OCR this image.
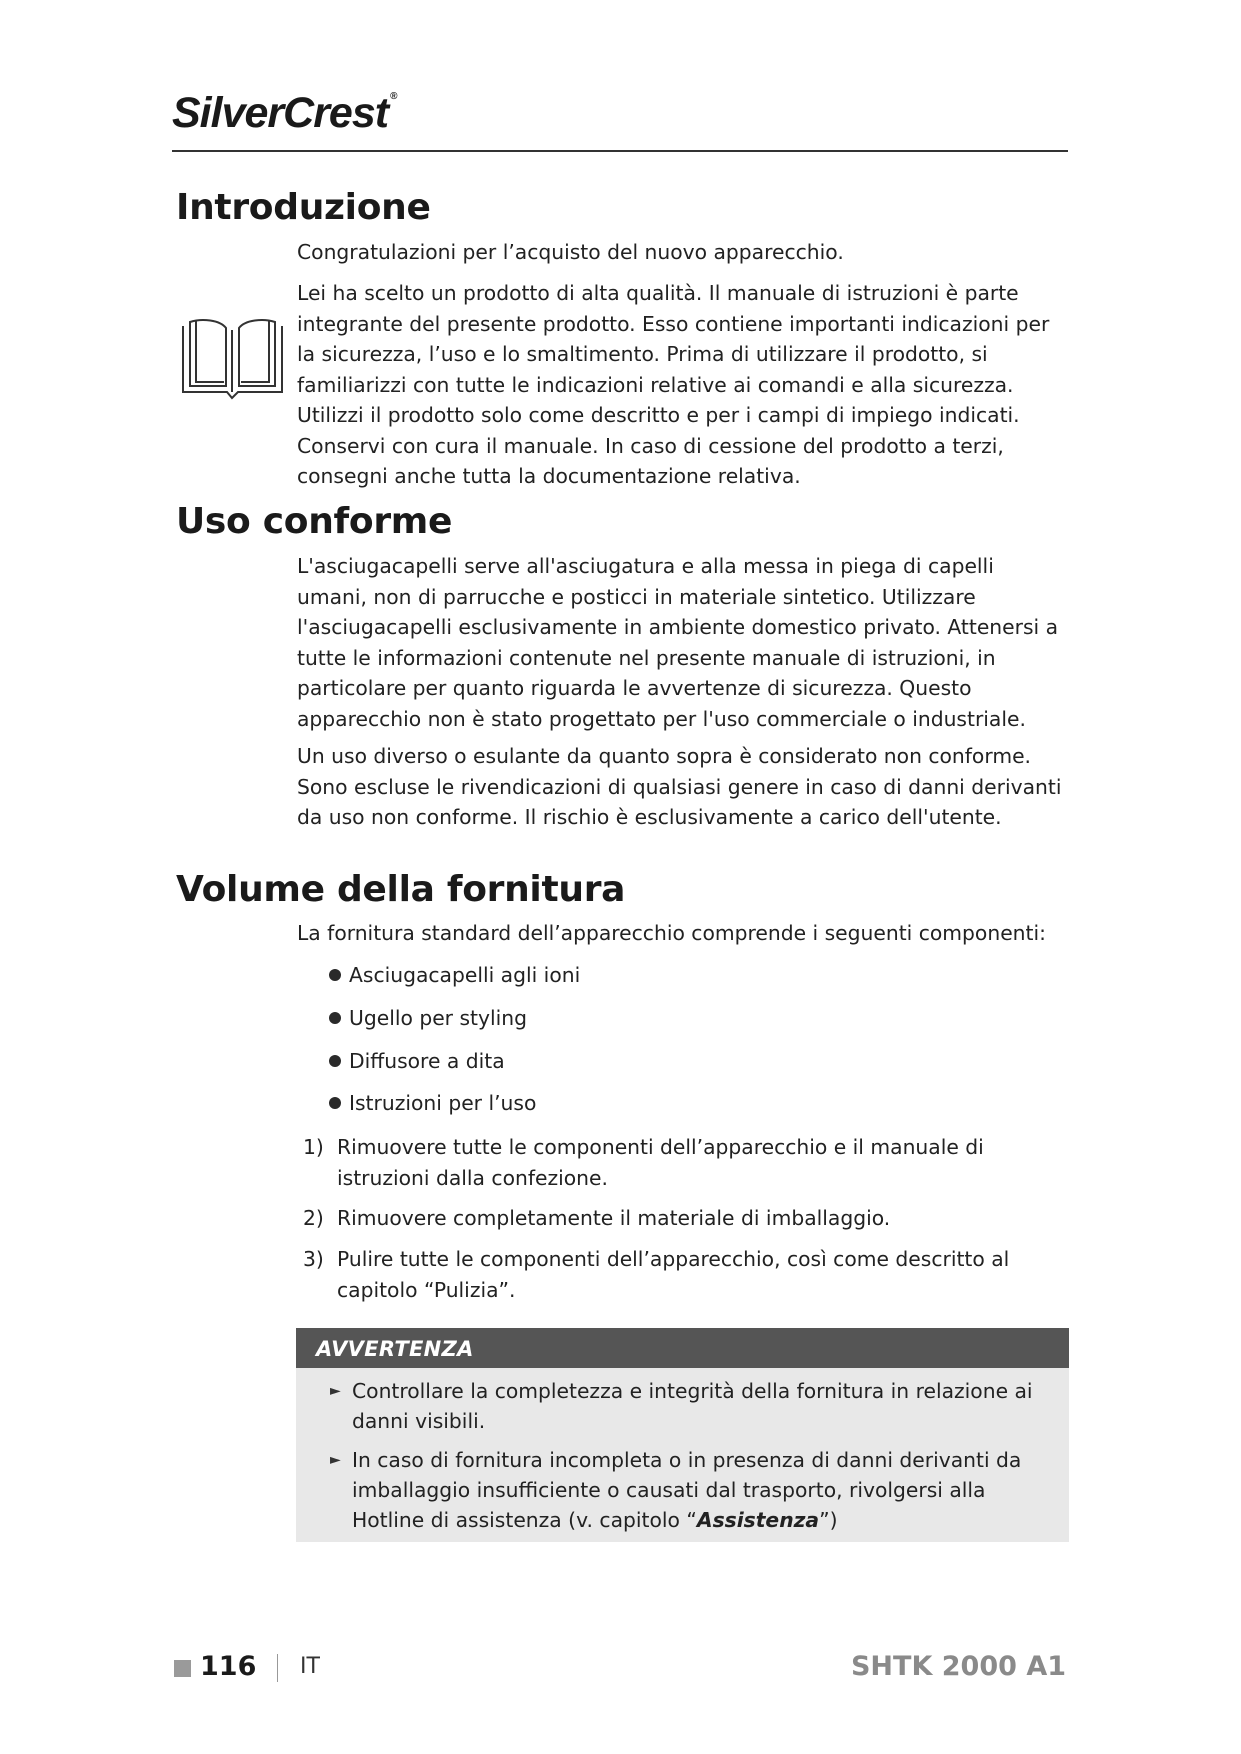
SilverCrest ®
Introduzione

Congratulazioni per l’acquisto del nuovo apparecchio.

Lei ha scelto un prodotto di alta qualità. Il manuale di istruzioni è parte integrante del presente prodotto. Esso contiene importanti indicazioni per la sicurezza, l’uso e lo smaltimento. Prima di utilizzare il prodotto, si familiarizzi con tutte le indicazioni relative ai comandi e alla sicurezza. Utilizzi il prodotto solo come descritto e per i campi di impiego indicati. Conservi con cura il manuale. In caso di cessione del prodotto a terzi, consegni anche tutta la documentazione relativa.

Uso conforme

L'asciugacapelli serve all'asciugatura e alla messa in piega di capelli umani, non di parrucche e posticci in materiale sintetico. Utilizzare l'asciugacapelli esclusivamente in ambiente domestico privato. Attenersi a tutte le informazioni contenute nel presente manuale di istruzioni, in particolare per quanto riguarda le avvertenze di sicurezza. Questo apparecchio non è stato progettato per l'uso commerciale o industriale.

Un uso diverso o esulante da quanto sopra è considerato non conforme. Sono escluse le rivendicazioni di qualsiasi genere in caso di danni derivanti da uso non conforme. Il rischio è esclusivamente a carico dell'utente.

Volume della fornitura

La fornitura standard dell’apparecchio comprende i seguenti componenti:

Asciugacapelli agli ioni

Ugello per styling

Diffusore a dita

Istruzioni per l’uso

1) Rimuovere tutte le componenti dell’apparecchio e il manuale di istruzioni dalla confezione.
2) Rimuovere completamente il materiale di imballaggio.
3) Pulire tutte le componenti dell’apparecchio, così come descritto al capitolo “Pulizia”.
AVVERTENZA
► Controllare la completezza e integrità della fornitura in relazione ai danni visibili.
► In caso di fornitura incompleta o in presenza di danni derivanti da imballaggio insufficiente o causati dal trasporto, rivolgersi alla Hotline di assistenza (v. capitolo “Assistenza”)
116 IT	SHTK 2000 A1
